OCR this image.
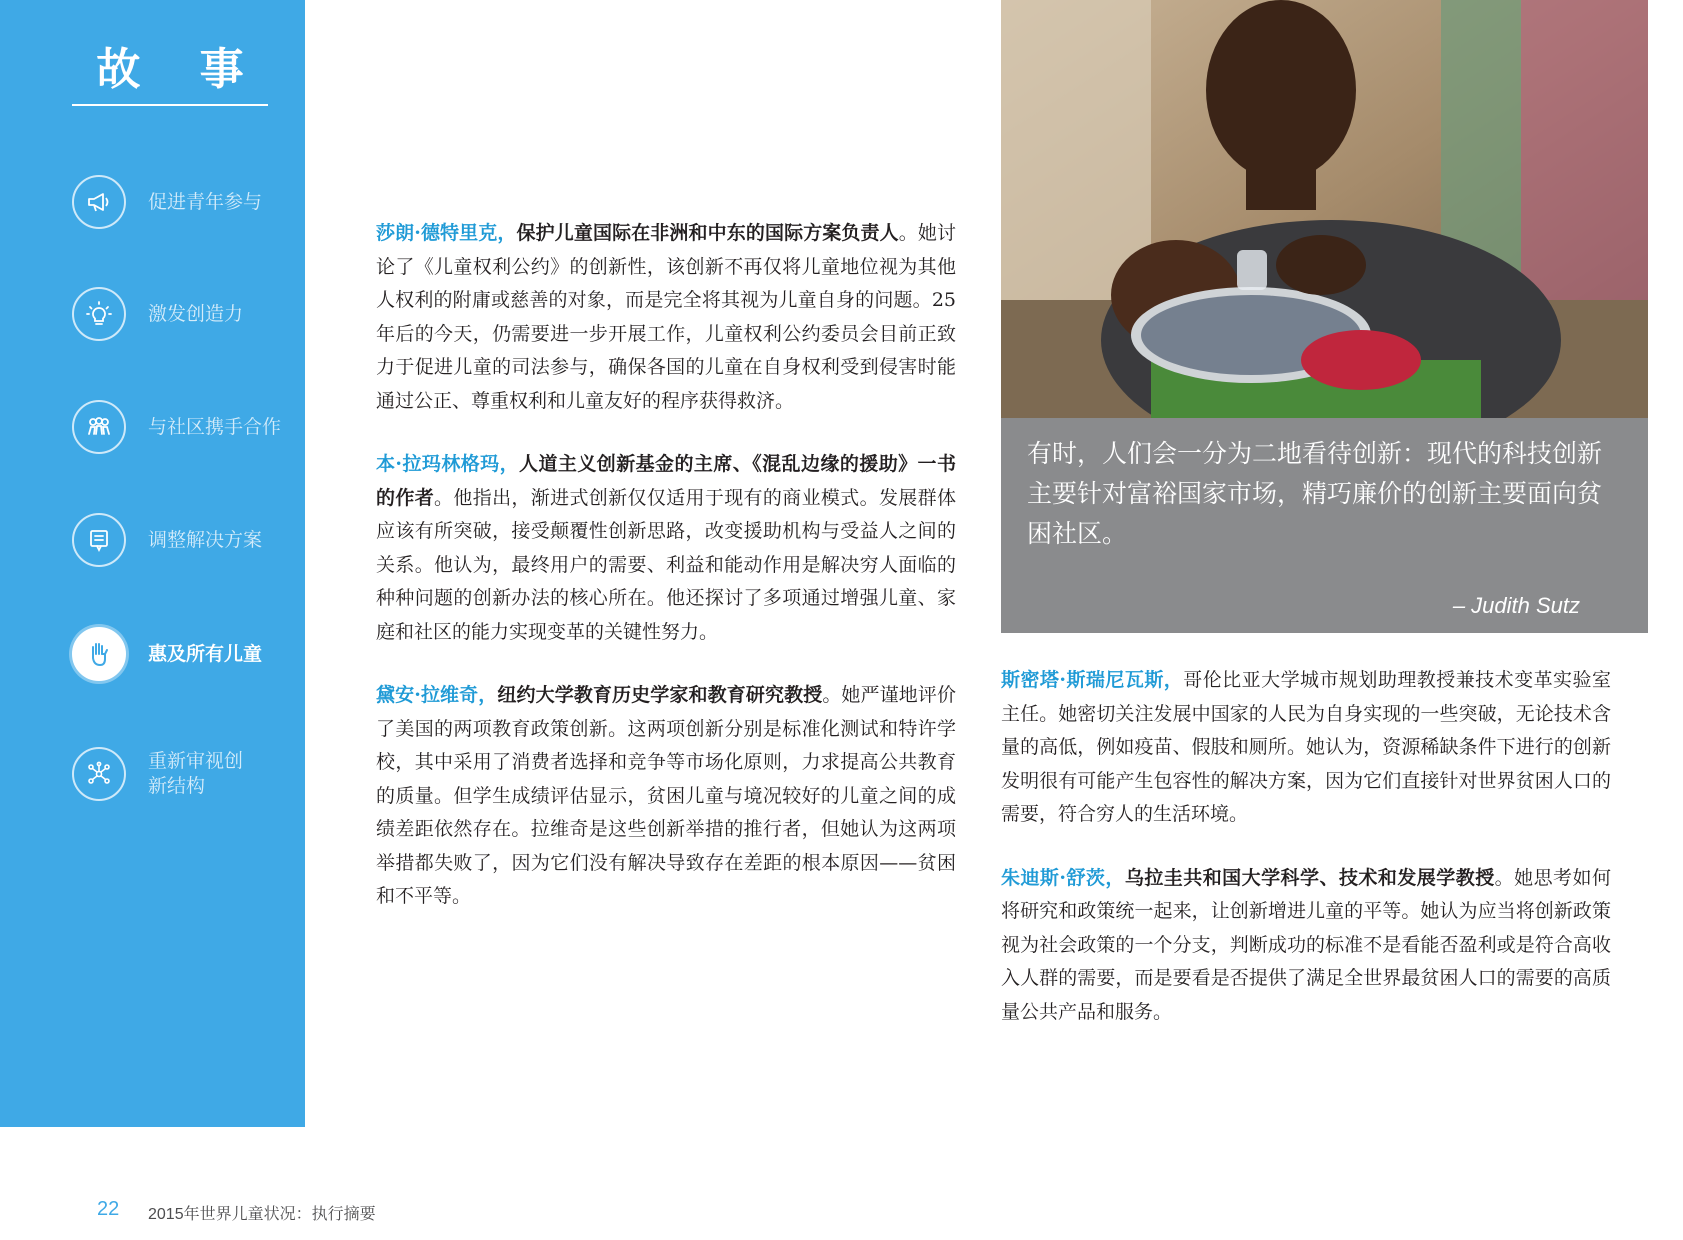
故 事
促进青年参与
激发创造力
与社区携手合作
调整解决方案
惠及所有儿童
重新审视创
新结构

莎朗·德特里克，保护儿童国际在非洲和中东的国际方案负责人。她讨论了《儿童权利公约》的创新性，该创新不再仅将儿童地位视为其他人权利的附庸或慈善的对象，而是完全将其视为儿童自身的问题。25年后的今天，仍需要进一步开展工作，儿童权利公约委员会目前正致力于促进儿童的司法参与，确保各国的儿童在自身权利受到侵害时能通过公正、尊重权利和儿童友好的程序获得救济。

本·拉玛林格玛，人道主义创新基金的主席、《混乱边缘的援助》一书的作者。他指出，渐进式创新仅仅适用于现有的商业模式。发展群体应该有所突破，接受颠覆性创新思路，改变援助机构与受益人之间的关系。他认为，最终用户的需要、利益和能动作用是解决穷人面临的种种问题的创新办法的核心所在。他还探讨了多项通过增强儿童、家庭和社区的能力实现变革的关键性努力。

黛安·拉维奇，纽约大学教育历史学家和教育研究教授。她严谨地评价了美国的两项教育政策创新。这两项创新分别是标准化测试和特许学校，其中采用了消费者选择和竞争等市场化原则，力求提高公共教育的质量。但学生成绩评估显示，贫困儿童与境况较好的儿童之间的成绩差距依然存在。拉维奇是这些创新举措的推行者，但她认为这两项举措都失败了，因为它们没有解决导致存在差距的根本原因——贫困和不平等。

有时，人们会一分为二地看待创新：现代的科技创新主要针对富裕国家市场，精巧廉价的创新主要面向贫困社区。
– Judith Sutz

斯密塔·斯瑞尼瓦斯，哥伦比亚大学城市规划助理教授兼技术变革实验室主任。她密切关注发展中国家的人民为自身实现的一些突破，无论技术含量的高低，例如疫苗、假肢和厕所。她认为，资源稀缺条件下进行的创新发明很有可能产生包容性的解决方案，因为它们直接针对世界贫困人口的需要，符合穷人的生活环境。

朱迪斯·舒茨，乌拉圭共和国大学科学、技术和发展学教授。她思考如何将研究和政策统一起来，让创新增进儿童的平等。她认为应当将创新政策视为社会政策的一个分支，判断成功的标准不是看能否盈利或是符合高收入人群的需要，而是要看是否提供了满足全世界最贫困人口的需要的高质量公共产品和服务。

22 2015年世界儿童状况：执行摘要
